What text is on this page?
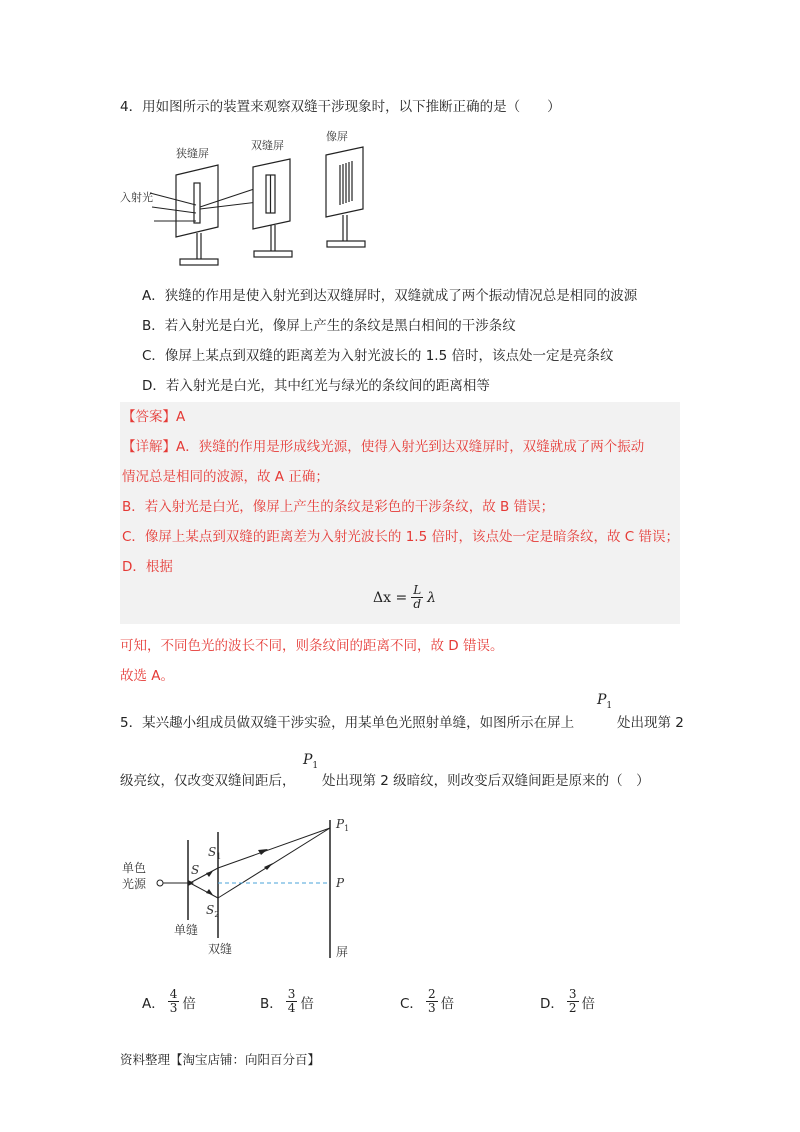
4．用如图所示的装置来观察双缝干涉现象时，以下推断正确的是（　　）
狭缝屏
双缝屏
像屏
入射光
A．狭缝的作用是使入射光到达双缝屏时，双缝就成了两个振动情况总是相同的波源
B．若入射光是白光，像屏上产生的条纹是黑白相间的干涉条纹
C．像屏上某点到双缝的距离差为入射光波长的 1.5 倍时，该点处一定是亮条纹
D．若入射光是白光，其中红光与绿光的条纹间的距离相等
【答案】A
【详解】A．狭缝的作用是形成线光源，使得入射光到达双缝屏时，双缝就成了两个振动
情况总是相同的波源，故 A 正确；
B．若入射光是白光，像屏上产生的条纹是彩色的干涉条纹，故 B 错误；
C．像屏上某点到双缝的距离差为入射光波长的 1.5 倍时，该点处一定是暗条纹，故 C 错误；
D．根据
$\Delta x = \frac{L}{d}$ λ
可知，不同色光的波长不同，则条纹间的距离不同，故 D 错误。
故选 A。
5．某兴趣小组成员做双缝干涉实验，用某单色光照射单缝，如图所示在屏上
$P_1$
处出现第 2
级亮纹，仅改变双缝间距后，
$P_1$
处出现第 2 级暗纹，则改变后双缝间距是原来的（　）
单色
光源
S
$S_1$
$S_2$
$P_1$
P
单缝
双缝	屏
A． $\frac{4}{3}$ 倍	B． $\frac{3}{4}$ 倍	C． $\frac{2}{3}$ 倍	D． $\frac{3}{2}$ 倍
资料整理【淘宝店铺：向阳百分百】
